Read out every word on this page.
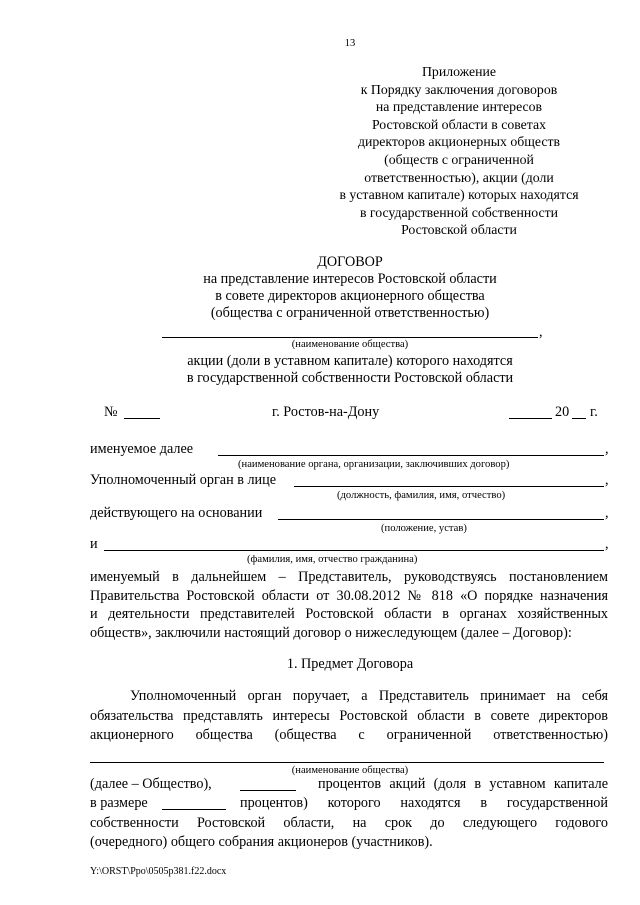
13
Приложение
к Порядку заключения договоров
на представление интересов
Ростовской области в советах
директоров акционерных обществ
(обществ с ограниченной
ответственностью), акции (доли
в уставном капитале) которых находятся
в государственной собственности
Ростовской области
ДОГОВОР
на представление интересов Ростовской области
в совете директоров акционерного общества
(общества с ограниченной ответственностью)
,
(наименование общества)
акции (доли в уставном капитале) которого находятся
в государственной собственности Ростовской области
№	г. Ростов-на-Дону	20 г.
именуемое далее	,
(наименование органа, организации, заключивших договор)
Уполномоченный орган в лице	,
(должность, фамилия, имя, отчество)
действующего на основании	,
(положение, устав)
и	,
(фамилия, имя, отчество гражданина)
именуемый в дальнейшем – Представитель, руководствуясь постановлением
Правительства Ростовской области от 30.08.2012 № 818 «О порядке назначения
и деятельности представителей Ростовской области в органах хозяйственных
обществ», заключили настоящий договор о нижеследующем (далее – Договор):
1. Предмет Договора
Уполномоченный орган поручает, а Представитель принимает на себя
обязательства представлять интересы Ростовской области в совете директоров
акционерного общества (общества с ограниченной ответственностью)
(наименование общества)
(далее – Общество),	процентов акций (доля в уставном капитале
в размере	процентов) которого находятся в государственной
собственности Ростовской области, на срок до следующего годового
(очередного) общего собрания акционеров (участников).
Y:\ORST\Ppo\0505p381.f22.docx
